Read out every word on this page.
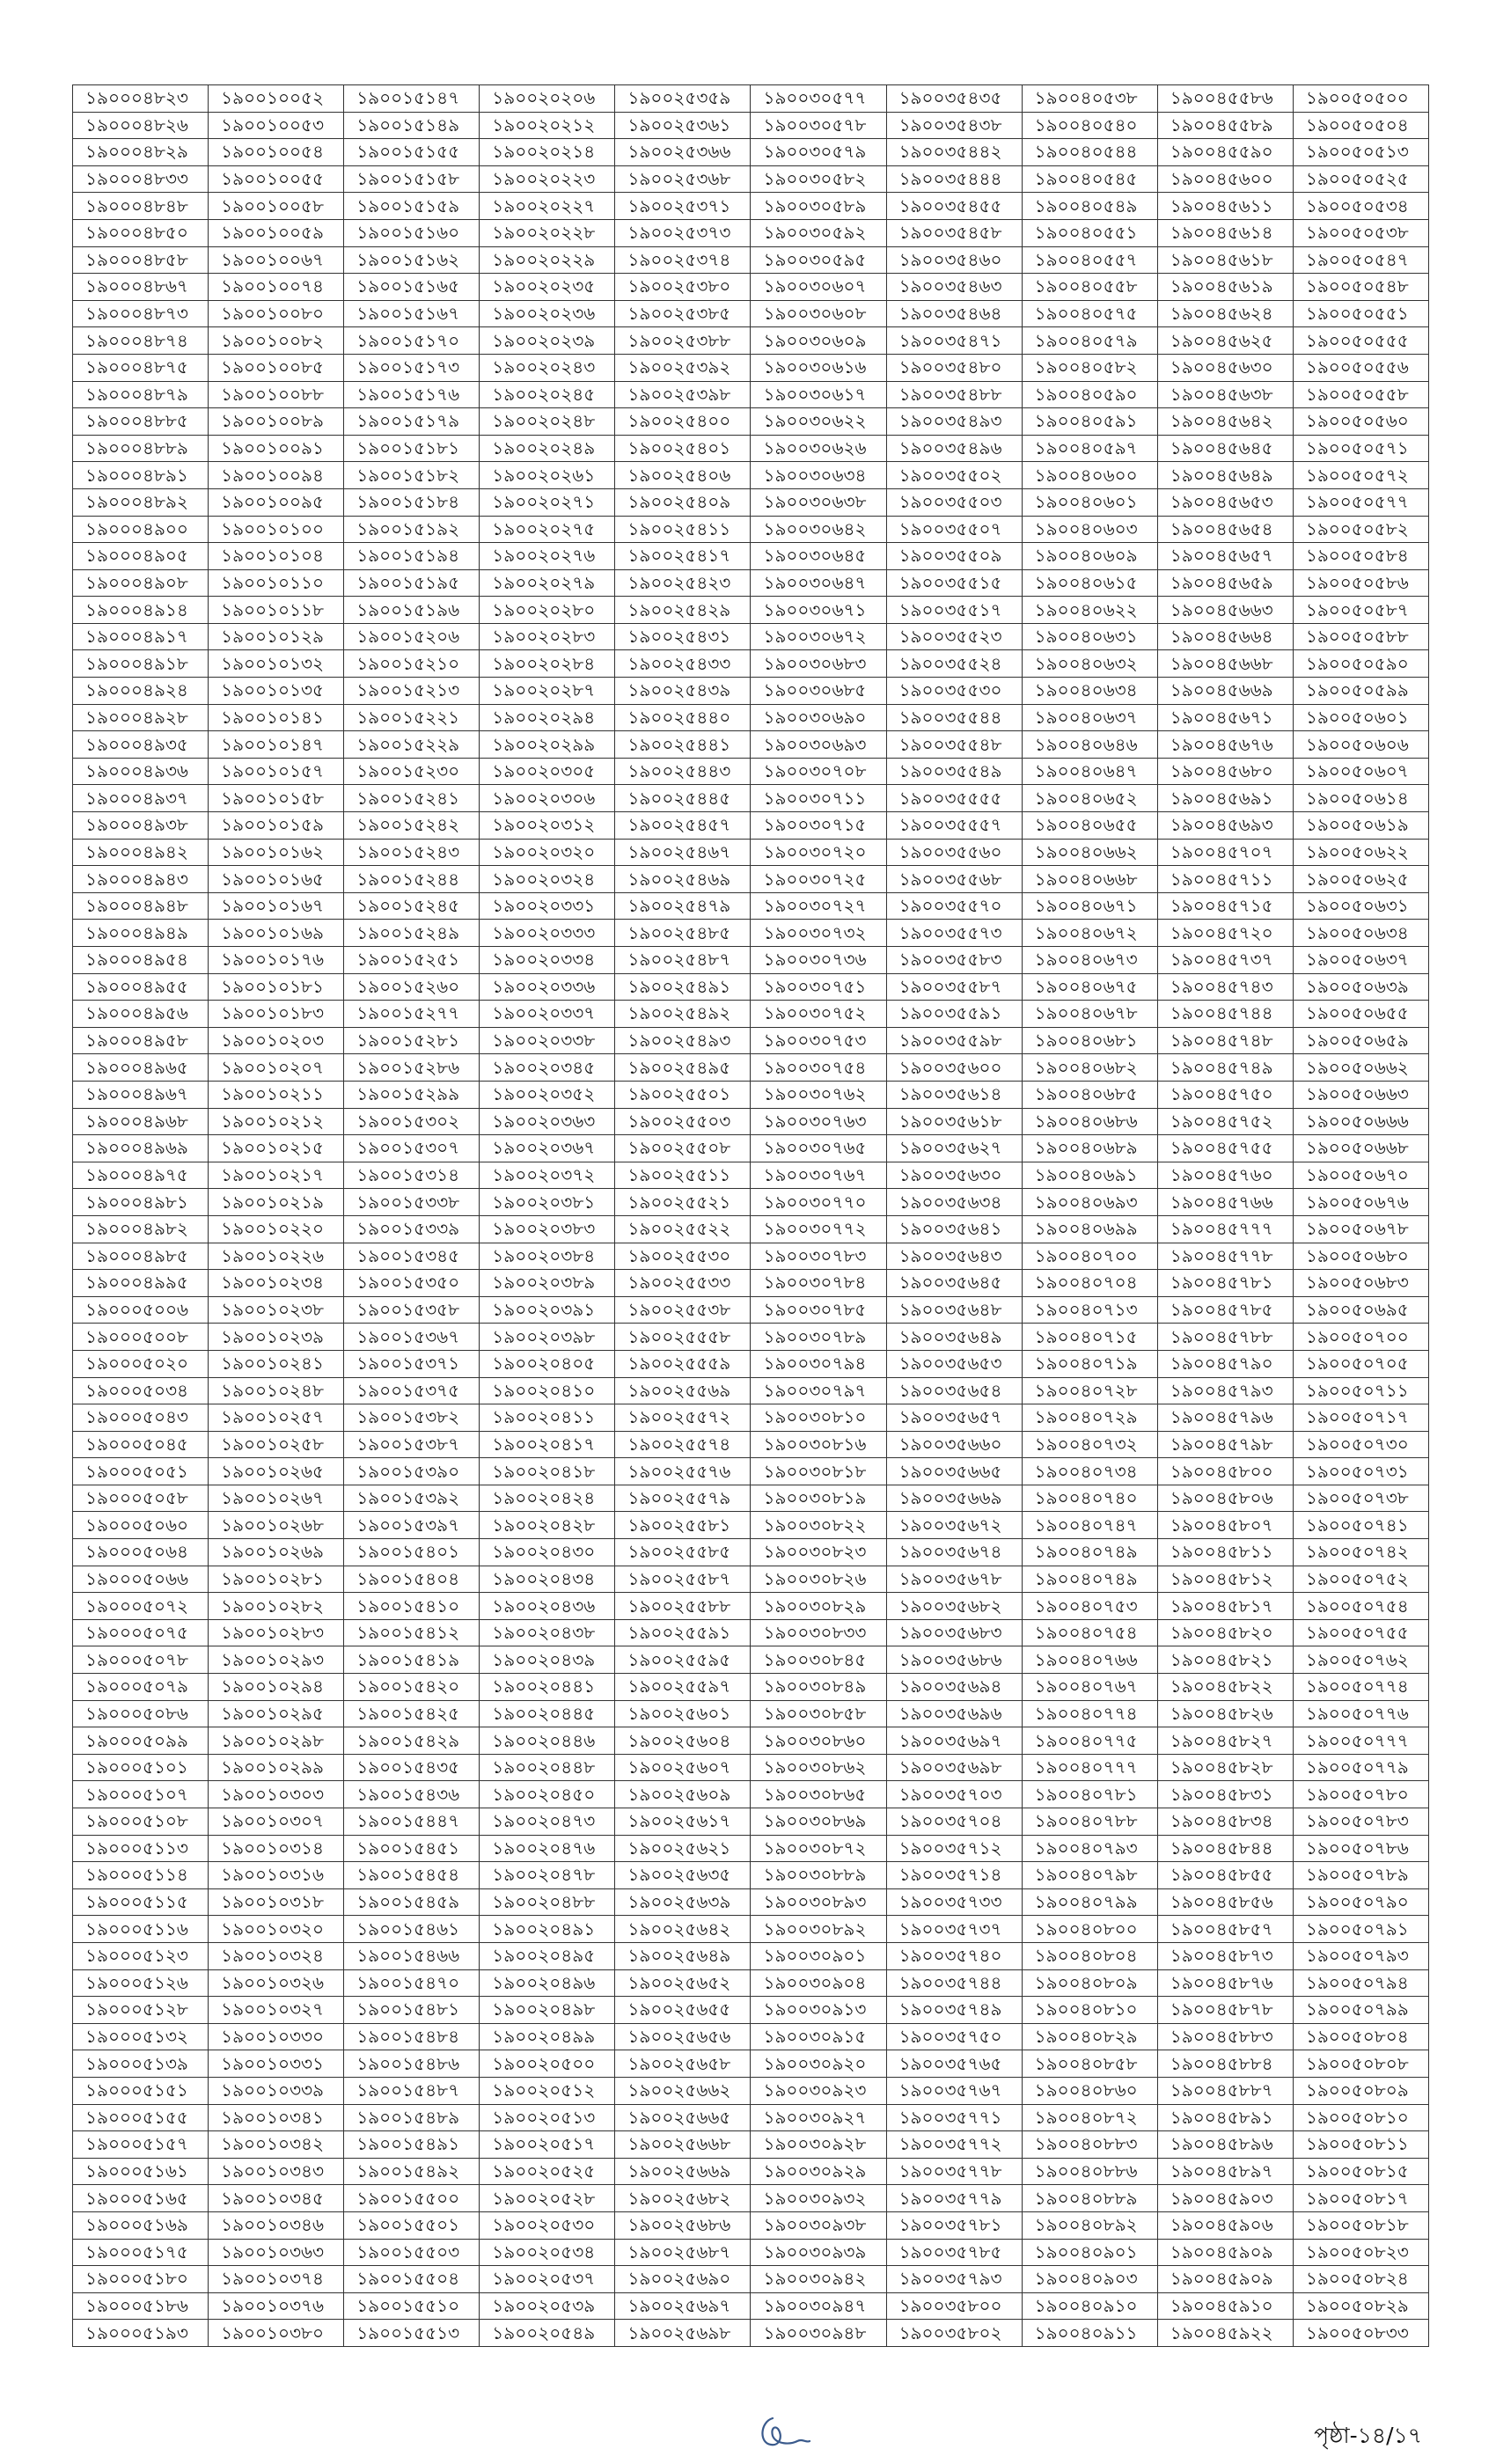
১৯০০০৪৮২৩	১৯০০১০০৫২	১৯০০১৫১৪৭	১৯০০২০২০৬	১৯০০২৫৩৫৯	১৯০০৩০৫৭৭	১৯০০৩৫৪৩৫	১৯০০৪০৫৩৮	১৯০০৪৫৫৮৬	১৯০০৫০৫০০
১৯০০০৪৮২৬	১৯০০১০০৫৩	১৯০০১৫১৪৯	১৯০০২০২১২	১৯০০২৫৩৬১	১৯০০৩০৫৭৮	১৯০০৩৫৪৩৮	১৯০০৪০৫৪০	১৯০০৪৫৫৮৯	১৯০০৫০৫০৪
১৯০০০৪৮২৯	১৯০০১০০৫৪	১৯০০১৫১৫৫	১৯০০২০২১৪	১৯০০২৫৩৬৬	১৯০০৩০৫৭৯	১৯০০৩৫৪৪২	১৯০০৪০৫৪৪	১৯০০৪৫৫৯০	১৯০০৫০৫১৩
১৯০০০৪৮৩৩	১৯০০১০০৫৫	১৯০০১৫১৫৮	১৯০০২০২২৩	১৯০০২৫৩৬৮	১৯০০৩০৫৮২	১৯০০৩৫৪৪৪	১৯০০৪০৫৪৫	১৯০০৪৫৬০০	১৯০০৫০৫২৫
১৯০০০৪৮৪৮	১৯০০১০০৫৮	১৯০০১৫১৫৯	১৯০০২০২২৭	১৯০০২৫৩৭১	১৯০০৩০৫৮৯	১৯০০৩৫৪৫৫	১৯০০৪০৫৪৯	১৯০০৪৫৬১১	১৯০০৫০৫৩৪
১৯০০০৪৮৫০	১৯০০১০০৫৯	১৯০০১৫১৬০	১৯০০২০২২৮	১৯০০২৫৩৭৩	১৯০০৩০৫৯২	১৯০০৩৫৪৫৮	১৯০০৪০৫৫১	১৯০০৪৫৬১৪	১৯০০৫০৫৩৮
১৯০০০৪৮৫৮	১৯০০১০০৬৭	১৯০০১৫১৬২	১৯০০২০২২৯	১৯০০২৫৩৭৪	১৯০০৩০৫৯৫	১৯০০৩৫৪৬০	১৯০০৪০৫৫৭	১৯০০৪৫৬১৮	১৯০০৫০৫৪৭
১৯০০০৪৮৬৭	১৯০০১০০৭৪	১৯০০১৫১৬৫	১৯০০২০২৩৫	১৯০০২৫৩৮০	১৯০০৩০৬০৭	১৯০০৩৫৪৬৩	১৯০০৪০৫৫৮	১৯০০৪৫৬১৯	১৯০০৫০৫৪৮
১৯০০০৪৮৭৩	১৯০০১০০৮০	১৯০০১৫১৬৭	১৯০০২০২৩৬	১৯০০২৫৩৮৫	১৯০০৩০৬০৮	১৯০০৩৫৪৬৪	১৯০০৪০৫৭৫	১৯০০৪৫৬২৪	১৯০০৫০৫৫১
১৯০০০৪৮৭৪	১৯০০১০০৮২	১৯০০১৫১৭০	১৯০০২০২৩৯	১৯০০২৫৩৮৮	১৯০০৩০৬০৯	১৯০০৩৫৪৭১	১৯০০৪০৫৭৯	১৯০০৪৫৬২৫	১৯০০৫০৫৫৫
১৯০০০৪৮৭৫	১৯০০১০০৮৫	১৯০০১৫১৭৩	১৯০০২০২৪৩	১৯০০২৫৩৯২	১৯০০৩০৬১৬	১৯০০৩৫৪৮০	১৯০০৪০৫৮২	১৯০০৪৫৬৩০	১৯০০৫০৫৫৬
১৯০০০৪৮৭৯	১৯০০১০০৮৮	১৯০০১৫১৭৬	১৯০০২০২৪৫	১৯০০২৫৩৯৮	১৯০০৩০৬১৭	১৯০০৩৫৪৮৮	১৯০০৪০৫৯০	১৯০০৪৫৬৩৮	১৯০০৫০৫৫৮
১৯০০০৪৮৮৫	১৯০০১০০৮৯	১৯০০১৫১৭৯	১৯০০২০২৪৮	১৯০০২৫৪০০	১৯০০৩০৬২২	১৯০০৩৫৪৯৩	১৯০০৪০৫৯১	১৯০০৪৫৬৪২	১৯০০৫০৫৬০
১৯০০০৪৮৮৯	১৯০০১০০৯১	১৯০০১৫১৮১	১৯০০২০২৪৯	১৯০০২৫৪০১	১৯০০৩০৬২৬	১৯০০৩৫৪৯৬	১৯০০৪০৫৯৭	১৯০০৪৫৬৪৫	১৯০০৫০৫৭১
১৯০০০৪৮৯১	১৯০০১০০৯৪	১৯০০১৫১৮২	১৯০০২০২৬১	১৯০০২৫৪০৬	১৯০০৩০৬৩৪	১৯০০৩৫৫০২	১৯০০৪০৬০০	১৯০০৪৫৬৪৯	১৯০০৫০৫৭২
১৯০০০৪৮৯২	১৯০০১০০৯৫	১৯০০১৫১৮৪	১৯০০২০২৭১	১৯০০২৫৪০৯	১৯০০৩০৬৩৮	১৯০০৩৫৫০৩	১৯০০৪০৬০১	১৯০০৪৫৬৫৩	১৯০০৫০৫৭৭
১৯০০০৪৯০০	১৯০০১০১০০	১৯০০১৫১৯২	১৯০০২০২৭৫	১৯০০২৫৪১১	১৯০০৩০৬৪২	১৯০০৩৫৫০৭	১৯০০৪০৬০৩	১৯০০৪৫৬৫৪	১৯০০৫০৫৮২
১৯০০০৪৯০৫	১৯০০১০১০৪	১৯০০১৫১৯৪	১৯০০২০২৭৬	১৯০০২৫৪১৭	১৯০০৩০৬৪৫	১৯০০৩৫৫০৯	১৯০০৪০৬০৯	১৯০০৪৫৬৫৭	১৯০০৫০৫৮৪
১৯০০০৪৯০৮	১৯০০১০১১০	১৯০০১৫১৯৫	১৯০০২০২৭৯	১৯০০২৫৪২৩	১৯০০৩০৬৪৭	১৯০০৩৫৫১৫	১৯০০৪০৬১৫	১৯০০৪৫৬৫৯	১৯০০৫০৫৮৬
১৯০০০৪৯১৪	১৯০০১০১১৮	১৯০০১৫১৯৬	১৯০০২০২৮০	১৯০০২৫৪২৯	১৯০০৩০৬৭১	১৯০০৩৫৫১৭	১৯০০৪০৬২২	১৯০০৪৫৬৬৩	১৯০০৫০৫৮৭
১৯০০০৪৯১৭	১৯০০১০১২৯	১৯০০১৫২০৬	১৯০০২০২৮৩	১৯০০২৫৪৩১	১৯০০৩০৬৭২	১৯০০৩৫৫২৩	১৯০০৪০৬৩১	১৯০০৪৫৬৬৪	১৯০০৫০৫৮৮
১৯০০০৪৯১৮	১৯০০১০১৩২	১৯০০১৫২১০	১৯০০২০২৮৪	১৯০০২৫৪৩৩	১৯০০৩০৬৮৩	১৯০০৩৫৫২৪	১৯০০৪০৬৩২	১৯০০৪৫৬৬৮	১৯০০৫০৫৯০
১৯০০০৪৯২৪	১৯০০১০১৩৫	১৯০০১৫২১৩	১৯০০২০২৮৭	১৯০০২৫৪৩৯	১৯০০৩০৬৮৫	১৯০০৩৫৫৩০	১৯০০৪০৬৩৪	১৯০০৪৫৬৬৯	১৯০০৫০৫৯৯
১৯০০০৪৯২৮	১৯০০১০১৪১	১৯০০১৫২২১	১৯০০২০২৯৪	১৯০০২৫৪৪০	১৯০০৩০৬৯০	১৯০০৩৫৫৪৪	১৯০০৪০৬৩৭	১৯০০৪৫৬৭১	১৯০০৫০৬০১
১৯০০০৪৯৩৫	১৯০০১০১৪৭	১৯০০১৫২২৯	১৯০০২০২৯৯	১৯০০২৫৪৪১	১৯০০৩০৬৯৩	১৯০০৩৫৫৪৮	১৯০০৪০৬৪৬	১৯০০৪৫৬৭৬	১৯০০৫০৬০৬
১৯০০০৪৯৩৬	১৯০০১০১৫৭	১৯০০১৫২৩০	১৯০০২০৩০৫	১৯০০২৫৪৪৩	১৯০০৩০৭০৮	১৯০০৩৫৫৪৯	১৯০০৪০৬৪৭	১৯০০৪৫৬৮০	১৯০০৫০৬০৭
১৯০০০৪৯৩৭	১৯০০১০১৫৮	১৯০০১৫২৪১	১৯০০২০৩০৬	১৯০০২৫৪৪৫	১৯০০৩০৭১১	১৯০০৩৫৫৫৫	১৯০০৪০৬৫২	১৯০০৪৫৬৯১	১৯০০৫০৬১৪
১৯০০০৪৯৩৮	১৯০০১০১৫৯	১৯০০১৫২৪২	১৯০০২০৩১২	১৯০০২৫৪৫৭	১৯০০৩০৭১৫	১৯০০৩৫৫৫৭	১৯০০৪০৬৫৫	১৯০০৪৫৬৯৩	১৯০০৫০৬১৯
১৯০০০৪৯৪২	১৯০০১০১৬২	১৯০০১৫২৪৩	১৯০০২০৩২০	১৯০০২৫৪৬৭	১৯০০৩০৭২০	১৯০০৩৫৫৬০	১৯০০৪০৬৬২	১৯০০৪৫৭০৭	১৯০০৫০৬২২
১৯০০০৪৯৪৩	১৯০০১০১৬৫	১৯০০১৫২৪৪	১৯০০২০৩২৪	১৯০০২৫৪৬৯	১৯০০৩০৭২৫	১৯০০৩৫৫৬৮	১৯০০৪০৬৬৮	১৯০০৪৫৭১১	১৯০০৫০৬২৫
১৯০০০৪৯৪৮	১৯০০১০১৬৭	১৯০০১৫২৪৫	১৯০০২০৩৩১	১৯০০২৫৪৭৯	১৯০০৩০৭২৭	১৯০০৩৫৫৭০	১৯০০৪০৬৭১	১৯০০৪৫৭১৫	১৯০০৫০৬৩১
১৯০০০৪৯৪৯	১৯০০১০১৬৯	১৯০০১৫২৪৯	১৯০০২০৩৩৩	১৯০০২৫৪৮৫	১৯০০৩০৭৩২	১৯০০৩৫৫৭৩	১৯০০৪০৬৭২	১৯০০৪৫৭২০	১৯০০৫০৬৩৪
১৯০০০৪৯৫৪	১৯০০১০১৭৬	১৯০০১৫২৫১	১৯০০২০৩৩৪	১৯০০২৫৪৮৭	১৯০০৩০৭৩৬	১৯০০৩৫৫৮৩	১৯০০৪০৬৭৩	১৯০০৪৫৭৩৭	১৯০০৫০৬৩৭
১৯০০০৪৯৫৫	১৯০০১০১৮১	১৯০০১৫২৬০	১৯০০২০৩৩৬	১৯০০২৫৪৯১	১৯০০৩০৭৫১	১৯০০৩৫৫৮৭	১৯০০৪০৬৭৫	১৯০০৪৫৭৪৩	১৯০০৫০৬৩৯
১৯০০০৪৯৫৬	১৯০০১০১৮৩	১৯০০১৫২৭৭	১৯০০২০৩৩৭	১৯০০২৫৪৯২	১৯০০৩০৭৫২	১৯০০৩৫৫৯১	১৯০০৪০৬৭৮	১৯০০৪৫৭৪৪	১৯০০৫০৬৫৫
১৯০০০৪৯৫৮	১৯০০১০২০৩	১৯০০১৫২৮১	১৯০০২০৩৩৮	১৯০০২৫৪৯৩	১৯০০৩০৭৫৩	১৯০০৩৫৫৯৮	১৯০০৪০৬৮১	১৯০০৪৫৭৪৮	১৯০০৫০৬৫৯
১৯০০০৪৯৬৫	১৯০০১০২০৭	১৯০০১৫২৮৬	১৯০০২০৩৪৫	১৯০০২৫৪৯৫	১৯০০৩০৭৫৪	১৯০০৩৫৬০০	১৯০০৪০৬৮২	১৯০০৪৫৭৪৯	১৯০০৫০৬৬২
১৯০০০৪৯৬৭	১৯০০১০২১১	১৯০০১৫২৯৯	১৯০০২০৩৫২	১৯০০২৫৫০১	১৯০০৩০৭৬২	১৯০০৩৫৬১৪	১৯০০৪০৬৮৫	১৯০০৪৫৭৫০	১৯০০৫০৬৬৩
১৯০০০৪৯৬৮	১৯০০১০২১২	১৯০০১৫৩০২	১৯০০২০৩৬৩	১৯০০২৫৫০৩	১৯০০৩০৭৬৩	১৯০০৩৫৬১৮	১৯০০৪০৬৮৬	১৯০০৪৫৭৫২	১৯০০৫০৬৬৬
১৯০০০৪৯৬৯	১৯০০১০২১৫	১৯০০১৫৩০৭	১৯০০২০৩৬৭	১৯০০২৫৫০৮	১৯০০৩০৭৬৫	১৯০০৩৫৬২৭	১৯০০৪০৬৮৯	১৯০০৪৫৭৫৫	১৯০০৫০৬৬৮
১৯০০০৪৯৭৫	১৯০০১০২১৭	১৯০০১৫৩১৪	১৯০০২০৩৭২	১৯০০২৫৫১১	১৯০০৩০৭৬৭	১৯০০৩৫৬৩০	১৯০০৪০৬৯১	১৯০০৪৫৭৬০	১৯০০৫০৬৭০
১৯০০০৪৯৮১	১৯০০১০২১৯	১৯০০১৫৩৩৮	১৯০০২০৩৮১	১৯০০২৫৫২১	১৯০০৩০৭৭০	১৯০০৩৫৬৩৪	১৯০০৪০৬৯৩	১৯০০৪৫৭৬৬	১৯০০৫০৬৭৬
১৯০০০৪৯৮২	১৯০০১০২২০	১৯০০১৫৩৩৯	১৯০০২০৩৮৩	১৯০০২৫৫২২	১৯০০৩০৭৭২	১৯০০৩৫৬৪১	১৯০০৪০৬৯৯	১৯০০৪৫৭৭৭	১৯০০৫০৬৭৮
১৯০০০৪৯৮৫	১৯০০১০২২৬	১৯০০১৫৩৪৫	১৯০০২০৩৮৪	১৯০০২৫৫৩০	১৯০০৩০৭৮৩	১৯০০৩৫৬৪৩	১৯০০৪০৭০০	১৯০০৪৫৭৭৮	১৯০০৫০৬৮০
১৯০০০৪৯৯৫	১৯০০১০২৩৪	১৯০০১৫৩৫০	১৯০০২০৩৮৯	১৯০০২৫৫৩৩	১৯০০৩০৭৮৪	১৯০০৩৫৬৪৫	১৯০০৪০৭০৪	১৯০০৪৫৭৮১	১৯০০৫০৬৮৩
১৯০০০৫০০৬	১৯০০১০২৩৮	১৯০০১৫৩৫৮	১৯০০২০৩৯১	১৯০০২৫৫৩৮	১৯০০৩০৭৮৫	১৯০০৩৫৬৪৮	১৯০০৪০৭১৩	১৯০০৪৫৭৮৫	১৯০০৫০৬৯৫
১৯০০০৫০০৮	১৯০০১০২৩৯	১৯০০১৫৩৬৭	১৯০০২০৩৯৮	১৯০০২৫৫৫৮	১৯০০৩০৭৮৯	১৯০০৩৫৬৪৯	১৯০০৪০৭১৫	১৯০০৪৫৭৮৮	১৯০০৫০৭০০
১৯০০০৫০২০	১৯০০১০২৪১	১৯০০১৫৩৭১	১৯০০২০৪০৫	১৯০০২৫৫৫৯	১৯০০৩০৭৯৪	১৯০০৩৫৬৫৩	১৯০০৪০৭১৯	১৯০০৪৫৭৯০	১৯০০৫০৭০৫
১৯০০০৫০৩৪	১৯০০১০২৪৮	১৯০০১৫৩৭৫	১৯০০২০৪১০	১৯০০২৫৫৬৯	১৯০০৩০৭৯৭	১৯০০৩৫৬৫৪	১৯০০৪০৭২৮	১৯০০৪৫৭৯৩	১৯০০৫০৭১১
১৯০০০৫০৪৩	১৯০০১০২৫৭	১৯০০১৫৩৮২	১৯০০২০৪১১	১৯০০২৫৫৭২	১৯০০৩০৮১০	১৯০০৩৫৬৫৭	১৯০০৪০৭২৯	১৯০০৪৫৭৯৬	১৯০০৫০৭১৭
১৯০০০৫০৪৫	১৯০০১০২৫৮	১৯০০১৫৩৮৭	১৯০০২০৪১৭	১৯০০২৫৫৭৪	১৯০০৩০৮১৬	১৯০০৩৫৬৬০	১৯০০৪০৭৩২	১৯০০৪৫৭৯৮	১৯০০৫০৭৩০
১৯০০০৫০৫১	১৯০০১০২৬৫	১৯০০১৫৩৯০	১৯০০২০৪১৮	১৯০০২৫৫৭৬	১৯০০৩০৮১৮	১৯০০৩৫৬৬৫	১৯০০৪০৭৩৪	১৯০০৪৫৮০০	১৯০০৫০৭৩১
১৯০০০৫০৫৮	১৯০০১০২৬৭	১৯০০১৫৩৯২	১৯০০২০৪২৪	১৯০০২৫৫৭৯	১৯০০৩০৮১৯	১৯০০৩৫৬৬৯	১৯০০৪০৭৪০	১৯০০৪৫৮০৬	১৯০০৫০৭৩৮
১৯০০০৫০৬০	১৯০০১০২৬৮	১৯০০১৫৩৯৭	১৯০০২০৪২৮	১৯০০২৫৫৮১	১৯০০৩০৮২২	১৯০০৩৫৬৭২	১৯০০৪০৭৪৭	১৯০০৪৫৮০৭	১৯০০৫০৭৪১
১৯০০০৫০৬৪	১৯০০১০২৬৯	১৯০০১৫৪০১	১৯০০২০৪৩০	১৯০০২৫৫৮৫	১৯০০৩০৮২৩	১৯০০৩৫৬৭৪	১৯০০৪০৭৪৯	১৯০০৪৫৮১১	১৯০০৫০৭৪২
১৯০০০৫০৬৬	১৯০০১০২৮১	১৯০০১৫৪০৪	১৯০০২০৪৩৪	১৯০০২৫৫৮৭	১৯০০৩০৮২৬	১৯০০৩৫৬৭৮	১৯০০৪০৭৪৯	১৯০০৪৫৮১২	১৯০০৫০৭৫২
১৯০০০৫০৭২	১৯০০১০২৮২	১৯০০১৫৪১০	১৯০০২০৪৩৬	১৯০০২৫৫৮৮	১৯০০৩০৮২৯	১৯০০৩৫৬৮২	১৯০০৪০৭৫৩	১৯০০৪৫৮১৭	১৯০০৫০৭৫৪
১৯০০০৫০৭৫	১৯০০১০২৮৩	১৯০০১৫৪১২	১৯০০২০৪৩৮	১৯০০২৫৫৯১	১৯০০৩০৮৩৩	১৯০০৩৫৬৮৩	১৯০০৪০৭৫৪	১৯০০৪৫৮২০	১৯০০৫০৭৫৫
১৯০০০৫০৭৮	১৯০০১০২৯৩	১৯০০১৫৪১৯	১৯০০২০৪৩৯	১৯০০২৫৫৯৫	১৯০০৩০৮৪৫	১৯০০৩৫৬৮৬	১৯০০৪০৭৬৬	১৯০০৪৫৮২১	১৯০০৫০৭৬২
১৯০০০৫০৭৯	১৯০০১০২৯৪	১৯০০১৫৪২০	১৯০০২০৪৪১	১৯০০২৫৫৯৭	১৯০০৩০৮৪৯	১৯০০৩৫৬৯৪	১৯০০৪০৭৬৭	১৯০০৪৫৮২২	১৯০০৫০৭৭৪
১৯০০০৫০৮৬	১৯০০১০২৯৫	১৯০০১৫৪২৫	১৯০০২০৪৪৫	১৯০০২৫৬০১	১৯০০৩০৮৫৮	১৯০০৩৫৬৯৬	১৯০০৪০৭৭৪	১৯০০৪৫৮২৬	১৯০০৫০৭৭৬
১৯০০০৫০৯৯	১৯০০১০২৯৮	১৯০০১৫৪২৯	১৯০০২০৪৪৬	১৯০০২৫৬০৪	১৯০০৩০৮৬০	১৯০০৩৫৬৯৭	১৯০০৪০৭৭৫	১৯০০৪৫৮২৭	১৯০০৫০৭৭৭
১৯০০০৫১০১	১৯০০১০২৯৯	১৯০০১৫৪৩৫	১৯০০২০৪৪৮	১৯০০২৫৬০৭	১৯০০৩০৮৬২	১৯০০৩৫৬৯৮	১৯০০৪০৭৭৭	১৯০০৪৫৮২৮	১৯০০৫০৭৭৯
১৯০০০৫১০৭	১৯০০১০৩০৩	১৯০০১৫৪৩৬	১৯০০২০৪৫০	১৯০০২৫৬০৯	১৯০০৩০৮৬৫	১৯০০৩৫৭০৩	১৯০০৪০৭৮১	১৯০০৪৫৮৩১	১৯০০৫০৭৮০
১৯০০০৫১০৮	১৯০০১০৩০৭	১৯০০১৫৪৪৭	১৯০০২০৪৭৩	১৯০০২৫৬১৭	১৯০০৩০৮৬৯	১৯০০৩৫৭০৪	১৯০০৪০৭৮৮	১৯০০৪৫৮৩৪	১৯০০৫০৭৮৩
১৯০০০৫১১৩	১৯০০১০৩১৪	১৯০০১৫৪৫১	১৯০০২০৪৭৬	১৯০০২৫৬২১	১৯০০৩০৮৭২	১৯০০৩৫৭১২	১৯০০৪০৭৯৩	১৯০০৪৫৮৪৪	১৯০০৫০৭৮৬
১৯০০০৫১১৪	১৯০০১০৩১৬	১৯০০১৫৪৫৪	১৯০০২০৪৭৮	১৯০০২৫৬৩৫	১৯০০৩০৮৮৯	১৯০০৩৫৭১৪	১৯০০৪০৭৯৮	১৯০০৪৫৮৫৫	১৯০০৫০৭৮৯
১৯০০০৫১১৫	১৯০০১০৩১৮	১৯০০১৫৪৫৯	১৯০০২০৪৮৮	১৯০০২৫৬৩৯	১৯০০৩০৮৯৩	১৯০০৩৫৭৩৩	১৯০০৪০৭৯৯	১৯০০৪৫৮৫৬	১৯০০৫০৭৯০
১৯০০০৫১১৬	১৯০০১০৩২০	১৯০০১৫৪৬১	১৯০০২০৪৯১	১৯০০২৫৬৪২	১৯০০৩০৮৯২	১৯০০৩৫৭৩৭	১৯০০৪০৮০০	১৯০০৪৫৮৫৭	১৯০০৫০৭৯১
১৯০০০৫১২৩	১৯০০১০৩২৪	১৯০০১৫৪৬৬	১৯০০২০৪৯৫	১৯০০২৫৬৪৯	১৯০০৩০৯০১	১৯০০৩৫৭৪০	১৯০০৪০৮০৪	১৯০০৪৫৮৭৩	১৯০০৫০৭৯৩
১৯০০০৫১২৬	১৯০০১০৩২৬	১৯০০১৫৪৭০	১৯০০২০৪৯৬	১৯০০২৫৬৫২	১৯০০৩০৯০৪	১৯০০৩৫৭৪৪	১৯০০৪০৮০৯	১৯০০৪৫৮৭৬	১৯০০৫০৭৯৪
১৯০০০৫১২৮	১৯০০১০৩২৭	১৯০০১৫৪৮১	১৯০০২০৪৯৮	১৯০০২৫৬৫৫	১৯০০৩০৯১৩	১৯০০৩৫৭৪৯	১৯০০৪০৮১০	১৯০০৪৫৮৭৮	১৯০০৫০৭৯৯
১৯০০০৫১৩২	১৯০০১০৩৩০	১৯০০১৫৪৮৪	১৯০০২০৪৯৯	১৯০০২৫৬৫৬	১৯০০৩০৯১৫	১৯০০৩৫৭৫০	১৯০০৪০৮২৯	১৯০০৪৫৮৮৩	১৯০০৫০৮০৪
১৯০০০৫১৩৯	১৯০০১০৩৩১	১৯০০১৫৪৮৬	১৯০০২০৫০০	১৯০০২৫৬৫৮	১৯০০৩০৯২০	১৯০০৩৫৭৬৫	১৯০০৪০৮৫৮	১৯০০৪৫৮৮৪	১৯০০৫০৮০৮
১৯০০০৫১৫১	১৯০০১০৩৩৯	১৯০০১৫৪৮৭	১৯০০২০৫১২	১৯০০২৫৬৬২	১৯০০৩০৯২৩	১৯০০৩৫৭৬৭	১৯০০৪০৮৬০	১৯০০৪৫৮৮৭	১৯০০৫০৮০৯
১৯০০০৫১৫৫	১৯০০১০৩৪১	১৯০০১৫৪৮৯	১৯০০২০৫১৩	১৯০০২৫৬৬৫	১৯০০৩০৯২৭	১৯০০৩৫৭৭১	১৯০০৪০৮৭২	১৯০০৪৫৮৯১	১৯০০৫০৮১০
১৯০০০৫১৫৭	১৯০০১০৩৪২	১৯০০১৫৪৯১	১৯০০২০৫১৭	১৯০০২৫৬৬৮	১৯০০৩০৯২৮	১৯০০৩৫৭৭২	১৯০০৪০৮৮৩	১৯০০৪৫৮৯৬	১৯০০৫০৮১১
১৯০০০৫১৬১	১৯০০১০৩৪৩	১৯০০১৫৪৯২	১৯০০২০৫২৫	১৯০০২৫৬৬৯	১৯০০৩০৯২৯	১৯০০৩৫৭৭৮	১৯০০৪০৮৮৬	১৯০০৪৫৮৯৭	১৯০০৫০৮১৫
১৯০০০৫১৬৫	১৯০০১০৩৪৫	১৯০০১৫৫০০	১৯০০২০৫২৮	১৯০০২৫৬৮২	১৯০০৩০৯৩২	১৯০০৩৫৭৭৯	১৯০০৪০৮৮৯	১৯০০৪৫৯০৩	১৯০০৫০৮১৭
১৯০০০৫১৬৯	১৯০০১০৩৪৬	১৯০০১৫৫০১	১৯০০২০৫৩০	১৯০০২৫৬৮৬	১৯০০৩০৯৩৮	১৯০০৩৫৭৮১	১৯০০৪০৮৯২	১৯০০৪৫৯০৬	১৯০০৫০৮১৮
১৯০০০৫১৭৫	১৯০০১০৩৬৩	১৯০০১৫৫০৩	১৯০০২০৫৩৪	১৯০০২৫৬৮৭	১৯০০৩০৯৩৯	১৯০০৩৫৭৮৫	১৯০০৪০৯০১	১৯০০৪৫৯০৯	১৯০০৫০৮২৩
১৯০০০৫১৮০	১৯০০১০৩৭৪	১৯০০১৫৫০৪	১৯০০২০৫৩৭	১৯০০২৫৬৯০	১৯০০৩০৯৪২	১৯০০৩৫৭৯৩	১৯০০৪০৯০৩	১৯০০৪৫৯০৯	১৯০০৫০৮২৪
১৯০০০৫১৮৬	১৯০০১০৩৭৬	১৯০০১৫৫১০	১৯০০২০৫৩৯	১৯০০২৫৬৯৭	১৯০০৩০৯৪৭	১৯০০৩৫৮০০	১৯০০৪০৯১০	১৯০০৪৫৯১০	১৯০০৫০৮২৯
১৯০০০৫১৯৩	১৯০০১০৩৮০	১৯০০১৫৫১৩	১৯০০২০৫৪৯	১৯০০২৫৬৯৮	১৯০০৩০৯৪৮	১৯০০৩৫৮০২	১৯০০৪০৯১১	১৯০০৪৫৯২২	১৯০০৫০৮৩৩
পৃষ্ঠা-১৪/১৭
